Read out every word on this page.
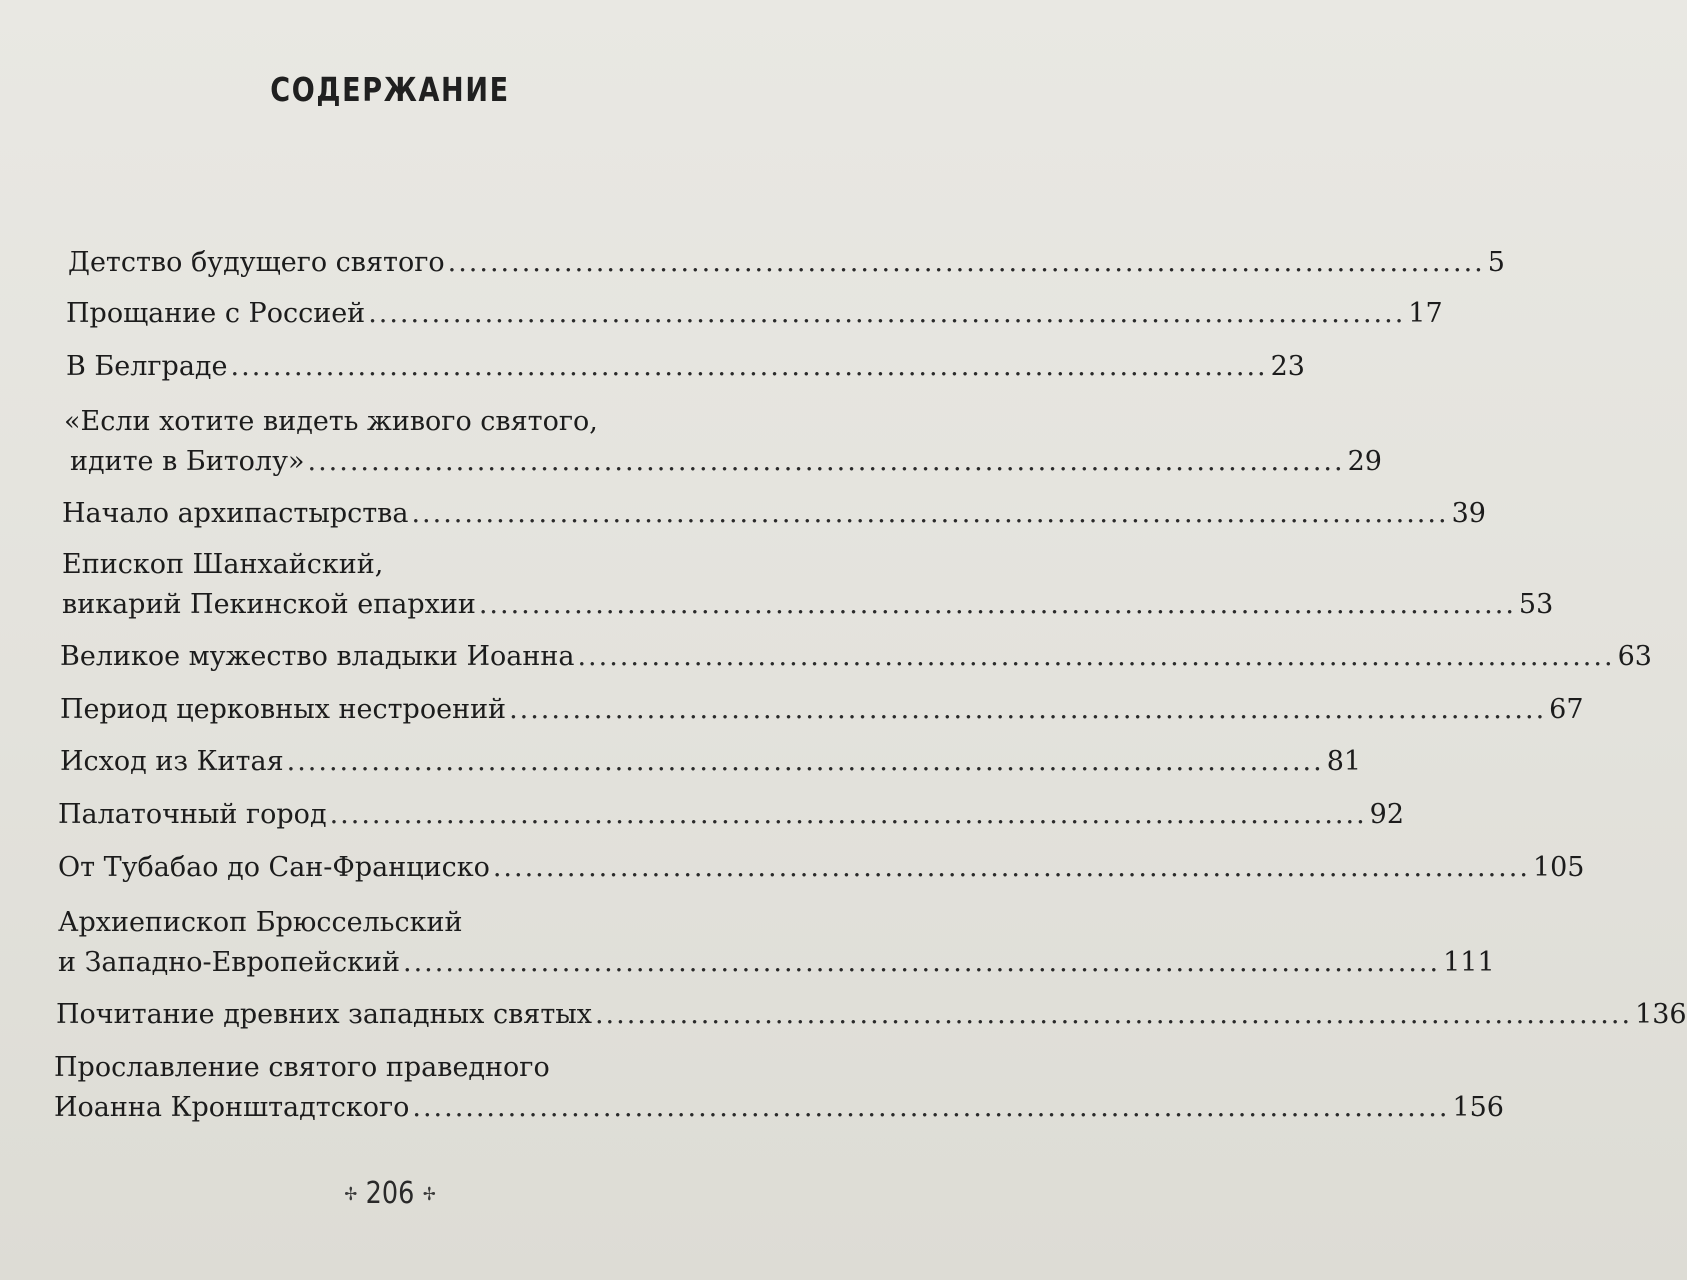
СОДЕРЖАНИЕ
Детство будущего святого .................................................................................................. 5
Прощание с Россией .................................................................................................. 17
В Белграде .................................................................................................. 23
«Если хотите видеть живого святого,
идите в Битолу» .................................................................................................. 29
Начало архипастырства .................................................................................................. 39
Епископ Шанхайский,
викарий Пекинской епархии .................................................................................................. 53
Великое мужество владыки Иоанна .................................................................................................. 63
Период церковных нестроений .................................................................................................. 67
Исход из Китая .................................................................................................. 81
Палаточный город .................................................................................................. 92
От Тубабао до Сан-Франциско .................................................................................................. 105
Архиепископ Брюссельский
и Западно-Европейский .................................................................................................. 111
Почитание древних западных святых .................................................................................................. 136
Прославление святого праведного
Иоанна Кронштадтского .................................................................................................. 156
✢ 206 ✢
